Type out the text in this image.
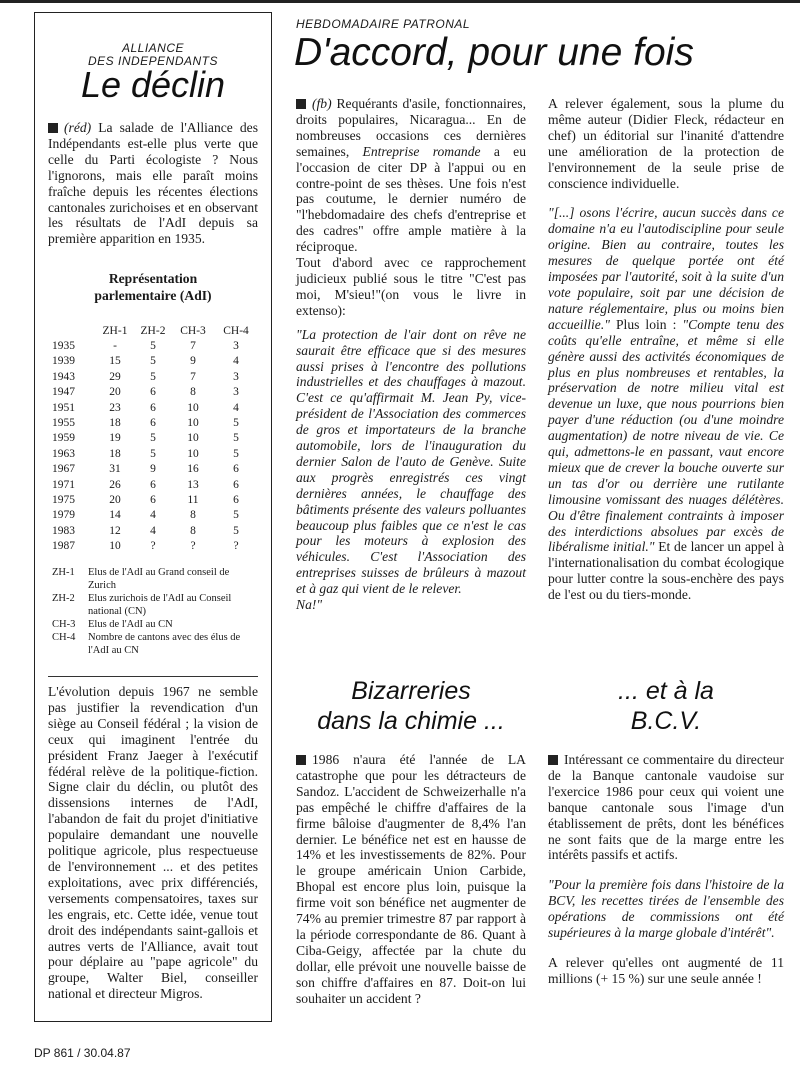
ALLIANCE
DES INDEPENDANTS
Le déclin
(réd) La salade de l'Alliance des Indépendants est-elle plus verte que celle du Parti écologiste ? Nous l'ignorons, mais elle paraît moins fraîche depuis les récentes élections cantonales zurichoises et en observant les résultats de l'AdI depuis sa première apparition en 1935.
Représentation
parlementaire (AdI)
	ZH-1	ZH-2	CH-3	CH-4
1935	-	5	7	3
1939	15	5	9	4
1943	29	5	7	3
1947	20	6	8	3
1951	23	6	10	4
1955	18	6	10	5
1959	19	5	10	5
1963	18	5	10	5
1967	31	9	16	6
1971	26	6	13	6
1975	20	6	11	6
1979	14	4	8	5
1983	12	4	8	5
1987	10	?	?	?
ZH-1	Elus de l'AdI au Grand conseil de Zurich
ZH-2	Elus zurichois de l'AdI au Conseil national (CN)
CH-3	Elus de l'AdI au CN
CH-4	Nombre de cantons avec des élus de l'AdI au CN
L'évolution depuis 1967 ne semble pas justifier la revendication d'un siège au Conseil fédéral ; la vision de ceux qui imaginent l'entrée du président Franz Jaeger à l'exécutif fédéral relève de la politique-fiction. Signe clair du déclin, ou plutôt des dissensions internes de l'AdI, l'abandon de fait du projet d'initiative populaire demandant une nouvelle politique agricole, plus respectueuse de l'environnement ... et des petites exploitations, avec prix différenciés, versements compensatoires, taxes sur les engrais, etc. Cette idée, venue tout droit des indépendants saint-gallois et autres verts de l'Alliance, avait tout pour déplaire au "pape agricole" du groupe, Walter Biel, conseiller national et directeur Migros.
HEBDOMADAIRE PATRONAL
D'accord, pour une fois
(fb) Requérants d'asile, fonctionnaires, droits populaires, Nicaragua... En de nombreuses occasions ces dernières semaines, Entreprise romande a eu l'occasion de citer DP à l'appui ou en contre-point de ses thèses. Une fois n'est pas coutume, le dernier numéro de "l'hebdomadaire des chefs d'entreprise et des cadres" offre ample matière à la réciproque.
Tout d'abord avec ce rapprochement judicieux publié sous le titre "C'est pas moi, M'sieu!"(on vous le livre in extenso):
"La protection de l'air dont on rêve ne saurait être efficace que si des mesures aussi prises à l'encontre des pollutions industrielles et des chauffages à mazout. C'est ce qu'affirmait M. Jean Py, vice-président de l'Association des commerces de gros et importateurs de la branche automobile, lors de l'inauguration du dernier Salon de l'auto de Genève. Suite aux progrès enregistrés ces vingt dernières années, le chauffage des bâtiments présente des valeurs polluantes beaucoup plus faibles que ce n'est le cas pour les moteurs à explosion des véhicules. C'est l'Association des entreprises suisses de brûleurs à mazout et à gaz qui vient de le relever.
Na!"
A relever également, sous la plume du même auteur (Didier Fleck, rédacteur en chef) un éditorial sur l'inanité d'attendre une amélioration de la protection de l'environnement de la seule prise de conscience individuelle.
"[...] osons l'écrire, aucun succès dans ce domaine n'a eu l'autodiscipline pour seule origine. Bien au contraire, toutes les mesures de quelque portée ont été imposées par l'autorité, soit à la suite d'un vote populaire, soit par une décision de nature réglementaire, plus ou moins bien accueillie." Plus loin : "Compte tenu des coûts qu'elle entraîne, et même si elle génère aussi des activités économiques de plus en plus nombreuses et rentables, la préservation de notre milieu vital est devenue un luxe, que nous pourrions bien payer d'une réduction (ou d'une moindre augmentation) de notre niveau de vie. Ce qui, admettons-le en passant, vaut encore mieux que de crever la bouche ouverte sur un tas d'or ou derrière une rutilante limousine vomissant des nuages délétères. Ou d'être finalement contraints à imposer des interdictions absolues par excès de libéralisme initial." Et de lancer un appel à l'internationalisation du combat écologique pour lutter contre la sous-enchère des pays de l'est ou du tiers-monde.
Bizarreries
dans la chimie ...
1986 n'aura été l'année de LA catastrophe que pour les détracteurs de Sandoz. L'accident de Schweizerhalle n'a pas empêché le chiffre d'affaires de la firme bâloise d'augmenter de 8,4% l'an dernier. Le bénéfice net est en hausse de 14% et les investissements de 82%. Pour le groupe américain Union Carbide, Bhopal est encore plus loin, puisque la firme voit son bénéfice net augmenter de 74% au premier trimestre 87 par rapport à la période correspondante de 86. Quant à Ciba-Geigy, affectée par la chute du dollar, elle prévoit une nouvelle baisse de son chiffre d'affaires en 87. Doit-on lui souhaiter un accident ?
... et à la
B.C.V.
Intéressant ce commentaire du directeur de la Banque cantonale vaudoise sur l'exercice 1986 pour ceux qui voient une banque cantonale sous l'image d'un établissement de prêts, dont les bénéfices ne sont faits que de la marge entre les intérêts passifs et actifs.
"Pour la première fois dans l'histoire de la BCV, les recettes tirées de l'ensemble des opérations de commissions ont été supérieures à la marge globale d'intérêt".
A relever qu'elles ont augmenté de 11 millions (+ 15 %) sur une seule année !
DP 861 / 30.04.87
